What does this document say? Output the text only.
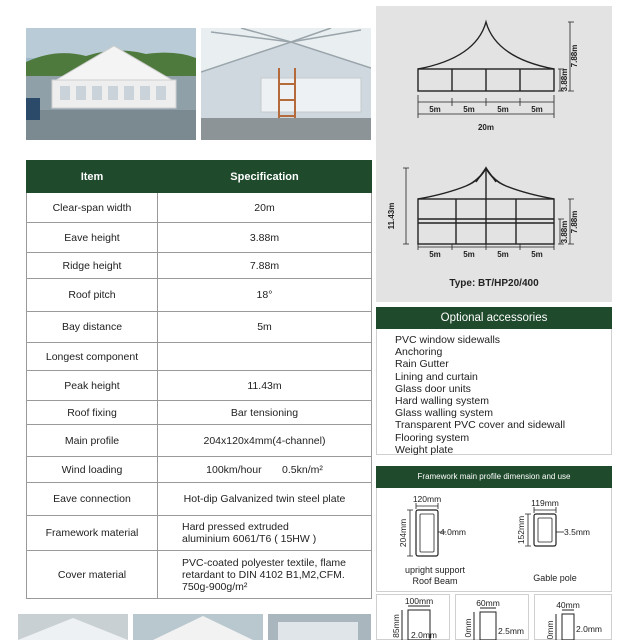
5m	5m	5m	5m
20m
3.88m
7.88m
5m	5m	5m	5m
11.43m
3.88m 7.88m
Type: BT/HP20/400
Item	Specification
Clear-span width	20m
Eave height	3.88m
Ridge height	7.88m
Roof pitch	18°
Bay distance	5m
Longest component	
Peak height	11.43m
Roof fixing	Bar tensioning
Main profile	204x120x4mm(4-channel)
Wind loading	100km/hour       0.5kn/m²
Eave connection	Hot-dip Galvanized twin steel plate
Framework material	Hard pressed extruded
aluminium 6061/T6 ( 15HW )

Cover material	PVC-coated polyester textile, flame
retardant to DIN 4102 B1,M2,CFM.
750g-900g/m²
Optional accessories
PVC window sidewalls
Anchoring
Rain Gutter
Lining and curtain
Glass door units
Hard walling system
Glass walling system
Transparent PVC cover and sidewall
Flooring system
Weight plate
Framework main profile dimension and use
120mm
204mm	4.0mm
119mm
152mm	3.5mm
upright support
Roof Beam	Gable pole
100mm
85mm 2.0mm
60mm
0mm	2.5mm
40mm
0mm 2.0mm
